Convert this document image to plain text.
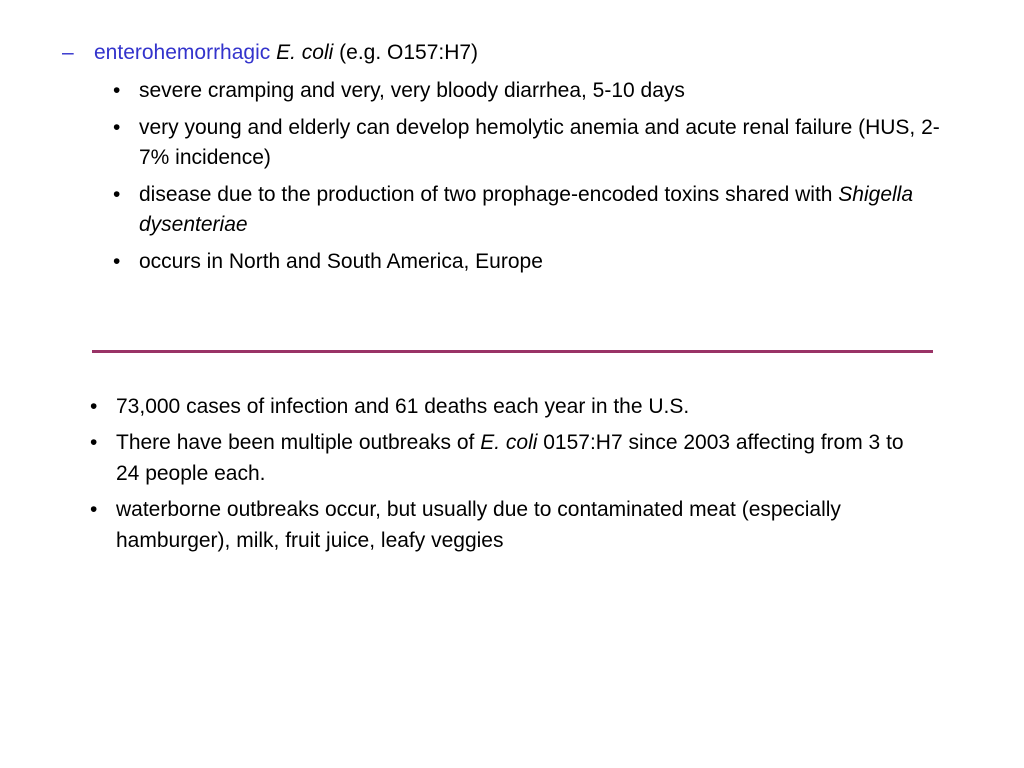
– enterohemorrhagic E. coli (e.g. O157:H7)
• severe cramping and very, very bloody diarrhea, 5-10 days
• very young and elderly can develop hemolytic anemia and acute renal failure (HUS, 2-7% incidence)
• disease due to the production of two prophage-encoded toxins shared with Shigella dysenteriae
• occurs in North and South America, Europe
• 73,000 cases of infection and 61 deaths each year in the U.S.
• There have been multiple outbreaks of E. coli 0157:H7 since 2003 affecting from 3 to 24 people each.
• waterborne outbreaks occur, but usually due to contaminated meat (especially hamburger), milk, fruit juice, leafy veggies
